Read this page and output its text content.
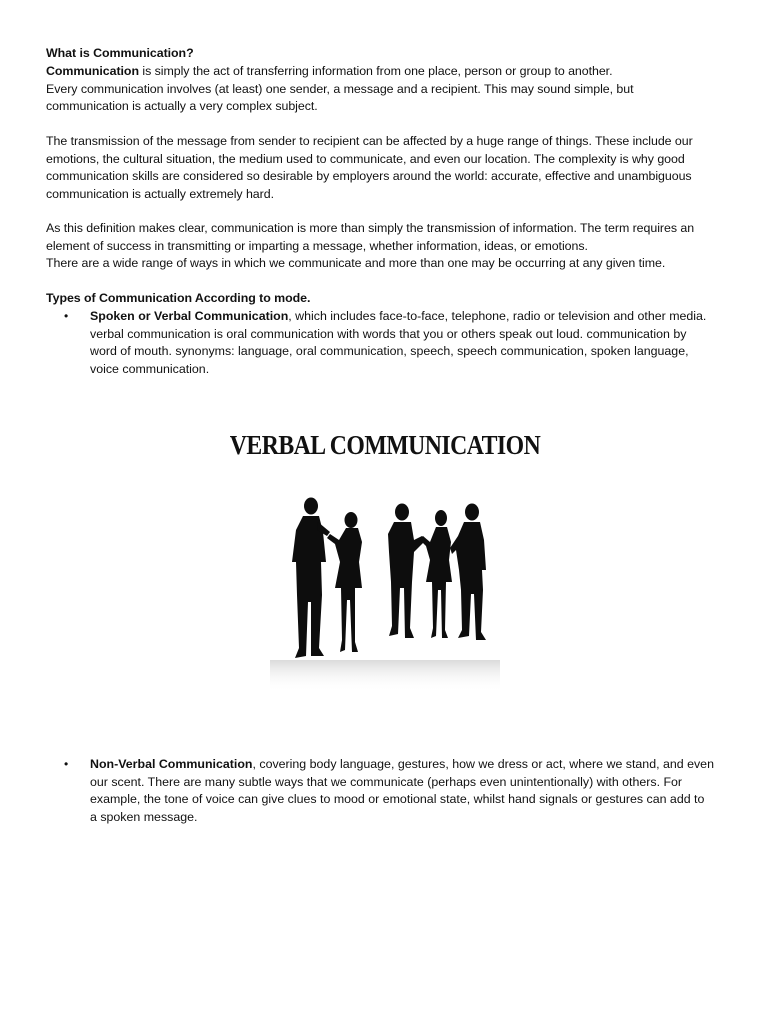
What is Communication?

Communication is simply the act of transferring information from one place, person or group to another.

Every communication involves (at least) one sender, a message and a recipient. This may sound simple, but

communication is actually a very complex subject.

The transmission of the message from sender to recipient can be affected by a huge range of things. These include our

emotions, the cultural situation, the medium used to communicate, and even our location. The complexity is why good

communication skills are considered so desirable by employers around the world: accurate, effective and unambiguous

communication is actually extremely hard.

As this definition makes clear, communication is more than simply the transmission of information. The term requires an

element of success in transmitting or imparting a message, whether information, ideas, or emotions.

There are a wide range of ways in which we communicate and more than one may be occurring at any given time.

Types of Communication According to mode.

• Spoken or Verbal Communication, which includes face-to-face, telephone, radio or television and other media.

verbal communication is oral communication with words that you or others speak out loud. communication by

word of mouth. synonyms: language, oral communication, speech, speech communication, spoken language,

voice communication.

VERBAL COMMUNICATION
• Non-Verbal Communication, covering body language, gestures, how we dress or act, where we stand, and even

our scent. There are many subtle ways that we communicate (perhaps even unintentionally) with others. For

example, the tone of voice can give clues to mood or emotional state, whilst hand signals or gestures can add to

a spoken message.
